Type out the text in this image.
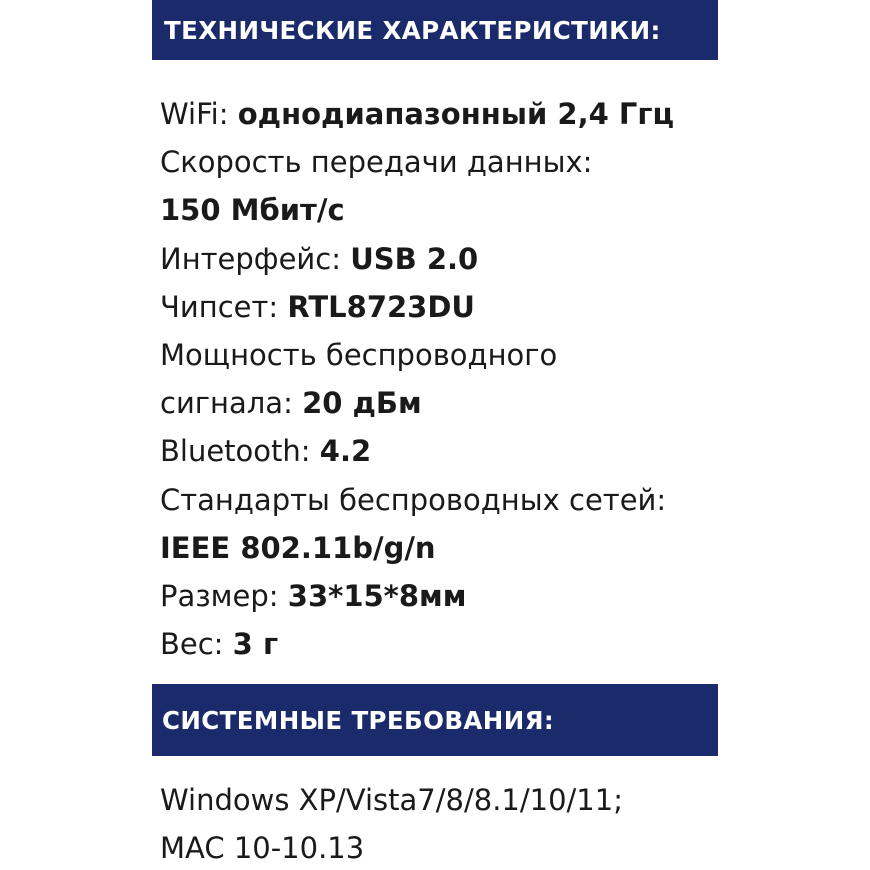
ТЕХНИЧЕСКИЕ ХАРАКТЕРИСТИКИ:
WiFi: однодиапазонный 2,4 Ггц
Скорость передачи данных:
150 Мбит/с
Интерфейс: USB 2.0
Чипсет: RTL8723DU
Мощность беспроводного
сигнала: 20 дБм
Bluetooth: 4.2
Стандарты беспроводных сетей:
IEEE 802.11b/g/n
Размер: 33*15*8мм
Вес: 3 г
СИСТЕМНЫЕ ТРЕБОВАНИЯ:
Windows XP/Vista7/8/8.1/10/11;
MAC 10-10.13
